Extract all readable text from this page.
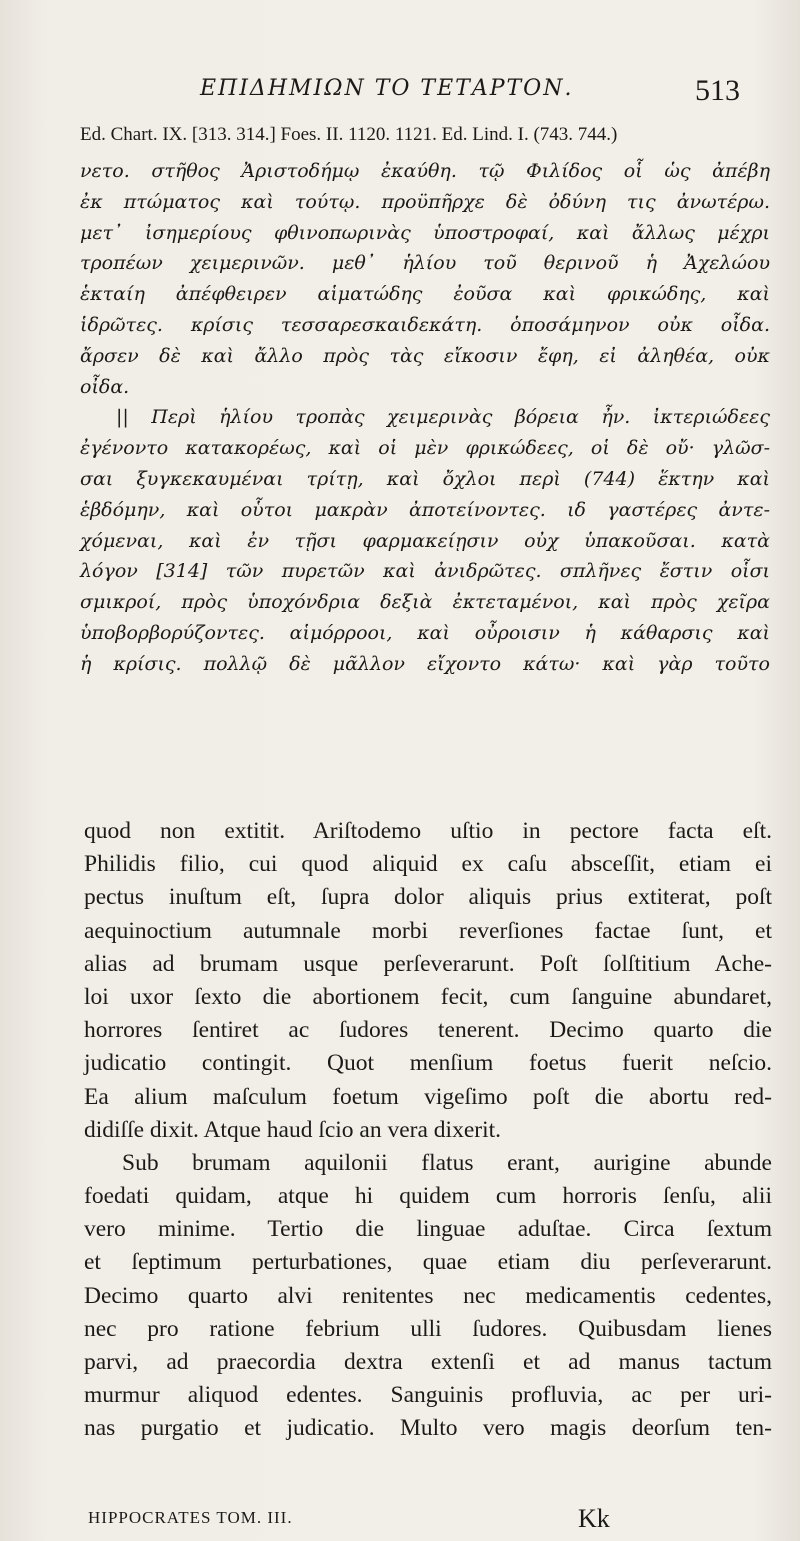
ΕΠΙΔΗΜΙΩΝ ΤΟ ΤΕΤΑΡΤΟΝ.	513
Ed. Chart. IX. [313. 314.] Foes. II. 1120. 1121. Ed. Lind. I. (743. 744.)
νετο. στῆθος Ἀριστοδήμῳ ἐκαύθη. τῷ Φιλίδος οἷ ὡς ἀπέβη
ἐκ πτώματος καὶ τούτῳ. προϋπῆρχε δὲ ὀδύνη τις ἀνωτέρω.
μετ᾽ ἰσημερίους φθινοπωρινὰς ὑποστροφαί, καὶ ἄλλως μέχρι
τροπέων χειμερινῶν. μεθ᾽ ἡλίου τοῦ θερινοῦ ἡ Ἀχελώου
ἑκταίη ἀπέφθειρεν αἱματώδης ἐοῦσα καὶ φρικώδης, καὶ
ἱδρῶτες. κρίσις τεσσαρεσκαιδεκάτη. ὁποσάμηνον οὐκ οἶδα.
ἄρσεν δὲ καὶ ἄλλο πρὸς τὰς εἴκοσιν ἔφη, εἰ ἀληθέα, οὐκ
οἶδα.
|| Περὶ ἡλίου τροπὰς χειμερινὰς βόρεια ἦν. ἰκτεριώδεες
ἐγένοντο κατακορέως, καὶ οἱ μὲν φρικώδεες, οἱ δὲ οὔ· γλῶσ-
σαι ξυγκεκαυμέναι τρίτῃ, καὶ ὄχλοι περὶ (744) ἕκτην καὶ
ἑβδόμην, καὶ οὗτοι μακρὰν ἀποτείνοντες. ιδ γαστέρες ἀντε-
χόμεναι, καὶ ἐν τῇσι φαρμακείῃσιν οὐχ ὑπακοῦσαι. κατὰ
λόγον [314] τῶν πυρετῶν καὶ ἀνιδρῶτες. σπλῆνες ἔστιν οἷσι
σμικροί, πρὸς ὑποχόνδρια δεξιὰ ἐκτεταμένοι, καὶ πρὸς χεῖρα
ὑποβορβορύζοντες. αἱμόρροοι, καὶ οὖροισιν ἡ κάθαρσις καὶ
ἡ κρίσις. πολλῷ δὲ μᾶλλον εἴχοντο κάτω· καὶ γὰρ τοῦτο
quod non extitit. Ariſtodemo uſtio in pectore facta eſt.
Philidis filio, cui quod aliquid ex caſu absceſſit, etiam ei
pectus inuſtum eſt, ſupra dolor aliquis prius extiterat, poſt
aequinoctium autumnale morbi reverſiones factae ſunt, et
alias ad brumam usque perſeverarunt. Poſt ſolſtitium Ache-
loi uxor ſexto die abortionem fecit, cum ſanguine abundaret,
horrores ſentiret ac ſudores tenerent. Decimo quarto die
judicatio contingit. Quot menſium foetus fuerit neſcio.
Ea alium maſculum foetum vigeſimo poſt die abortu red-
didiſſe dixit. Atque haud ſcio an vera dixerit.
Sub brumam aquilonii flatus erant, aurigine abunde
foedati quidam, atque hi quidem cum horroris ſenſu, alii
vero minime. Tertio die linguae aduſtae. Circa ſextum
et ſeptimum perturbationes, quae etiam diu perſeverarunt.
Decimo quarto alvi renitentes nec medicamentis cedentes,
nec pro ratione febrium ulli ſudores. Quibusdam lienes
parvi, ad praecordia dextra extenſi et ad manus tactum
murmur aliquod edentes. Sanguinis profluvia, ac per uri-
nas purgatio et judicatio. Multo vero magis deorſum ten-
HIPPOCRATES TOM. III.	Kk
